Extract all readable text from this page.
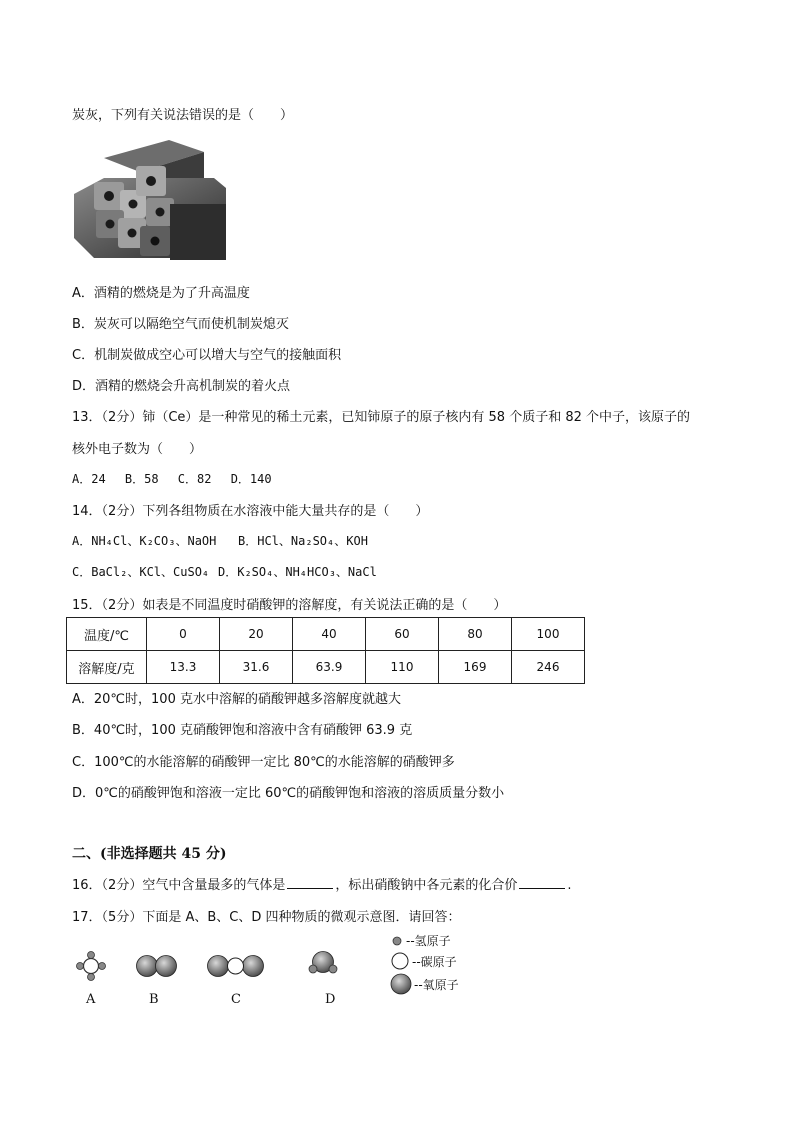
炭灰，下列有关说法错误的是（　　）
A．酒精的燃烧是为了升高温度
B．炭灰可以隔绝空气而使机制炭熄灭
C．机制炭做成空心可以增大与空气的接触面积
D．酒精的燃烧会升高机制炭的着火点
13．（2分）铈（Ce）是一种常见的稀土元素，已知铈原子的原子核内有 58 个质子和 82 个中子，该原子的
核外电子数为（　　）
A．24　 B．58　 C．82　 D．140
14．（2分）下列各组物质在水溶液中能大量共存的是（　　）
A．NH₄Cl、K₂CO₃、NaOH B．HCl、Na₂SO₄、KOH
C．BaCl₂、KCl、CuSO₄ D．K₂SO₄、NH₄HCO₃、NaCl
15．（2分）如表是不同温度时硝酸钾的溶解度，有关说法正确的是（　　）
温度/℃	0	20	40	60	80	100
溶解度/克	13.3	31.6	63.9	110	169	246
A．20℃时，100 克水中溶解的硝酸钾越多溶解度就越大
B．40℃时，100 克硝酸钾饱和溶液中含有硝酸钾 63.9 克
C．100℃的水能溶解的硝酸钾一定比 80℃的水能溶解的硝酸钾多
D．0℃的硝酸钾饱和溶液一定比 60℃的硝酸钾饱和溶液的溶质质量分数小
二、(非选择题共 45 分)
16．（2分）空气中含量最多的气体是	，标出硝酸钠中各元素的化合价	.
17．（5分）下面是 A、B、C、D 四种物质的微观示意图．请回答：
A	B	C	D
--氢原子
--碳原子
--氧原子
